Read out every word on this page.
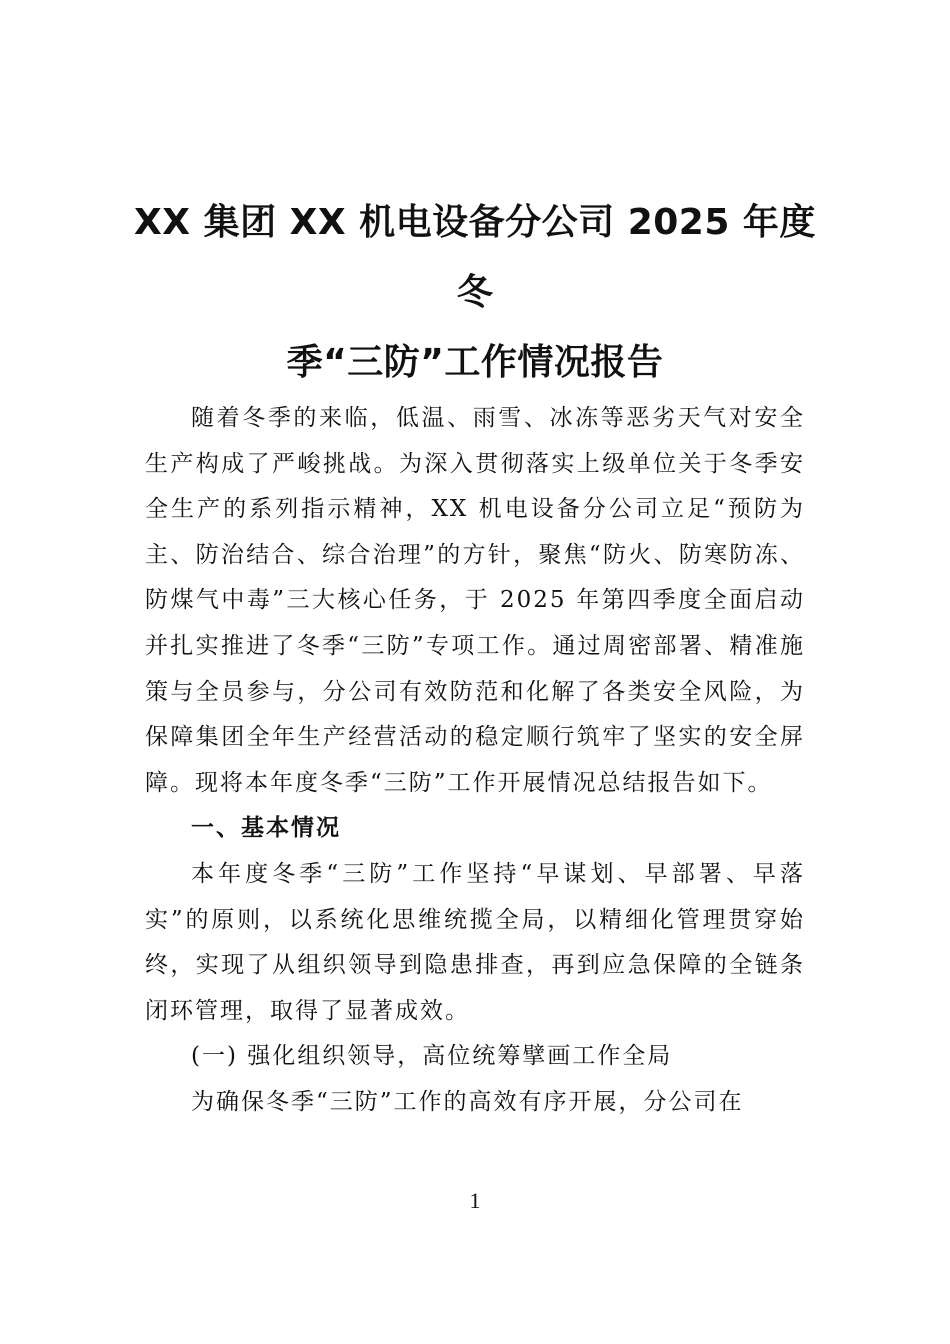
XX 集团 XX 机电设备分公司 2025 年度冬
季“三防”工作情况报告

随着冬季的来临，低温、雨雪、冰冻等恶劣天气对安全生产构成了严峻挑战。为深入贯彻落实上级单位关于冬季安全生产的系列指示精神，XX 机电设备分公司立足“预防为主、防治结合、综合治理”的方针，聚焦“防火、防寒防冻、防煤气中毒”三大核心任务，于 2025 年第四季度全面启动并扎实推进了冬季“三防”专项工作。通过周密部署、精准施策与全员参与，分公司有效防范和化解了各类安全风险，为保障集团全年生产经营活动的稳定顺行筑牢了坚实的安全屏障。现将本年度冬季“三防”工作开展情况总结报告如下。

一、基本情况

本年度冬季“三防”工作坚持“早谋划、早部署、早落实”的原则，以系统化思维统揽全局，以精细化管理贯穿始终，实现了从组织领导到隐患排查，再到应急保障的全链条闭环管理，取得了显著成效。

(一) 强化组织领导，高位统筹擘画工作全局

为确保冬季“三防”工作的高效有序开展，分公司在

1
